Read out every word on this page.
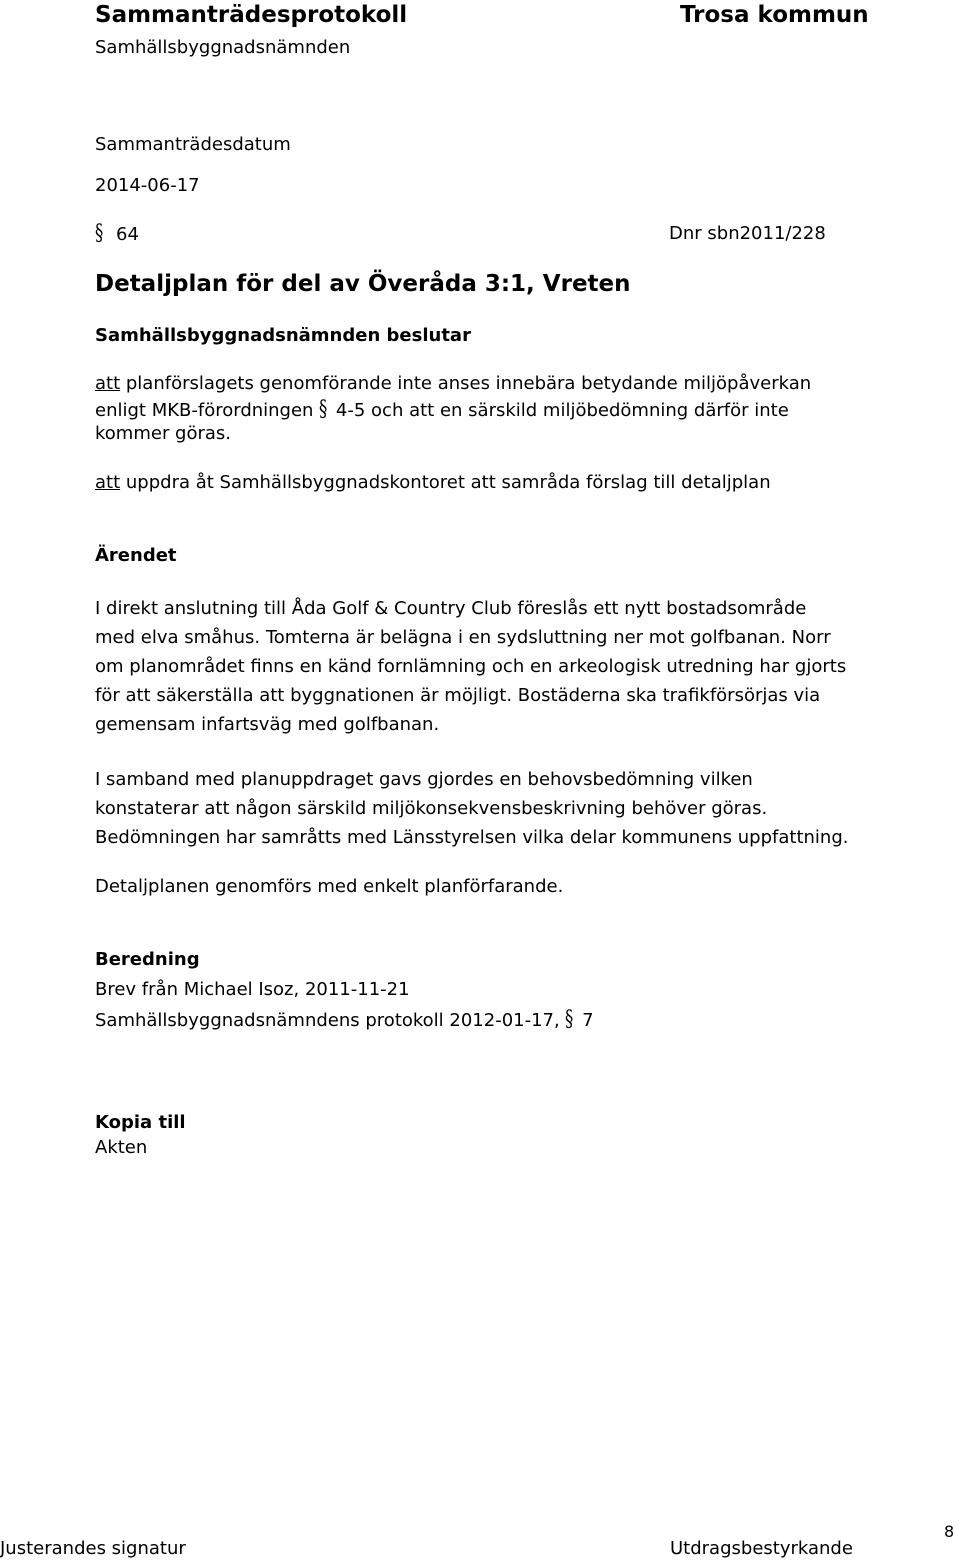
Sammanträdesprotokoll	Trosa kommun
Samhällsbyggnadsnämnden
Sammanträdesdatum
2014-06-17
§ 64	Dnr sbn2011/228
Detaljplan för del av Överåda 3:1, Vreten
Samhällsbyggnadsnämnden beslutar
att planförslagets genomförande inte anses innebära betydande miljöpåverkan
enligt MKB-förordningen § 4-5 och att en särskild miljöbedömning därför inte
kommer göras.
att uppdra åt Samhällsbyggnadskontoret att samråda förslag till detaljplan
Ärendet
I direkt anslutning till Åda Golf & Country Club föreslås ett nytt bostadsområde
med elva småhus. Tomterna är belägna i en sydsluttning ner mot golfbanan. Norr
om planområdet finns en känd fornlämning och en arkeologisk utredning har gjorts
för att säkerställa att byggnationen är möjligt. Bostäderna ska trafikförsörjas via
gemensam infartsväg med golfbanan.
I samband med planuppdraget gavs gjordes en behovsbedömning vilken
konstaterar att någon särskild miljökonsekvensbeskrivning behöver göras.
Bedömningen har samråtts med Länsstyrelsen vilka delar kommunens uppfattning.
Detaljplanen genomförs med enkelt planförfarande.
Beredning
Brev från Michael Isoz, 2011-11-21
Samhällsbyggnadsnämndens protokoll 2012-01-17, § 7
Kopia till
Akten
Justerandes signatur	Utdragsbestyrkande
8
